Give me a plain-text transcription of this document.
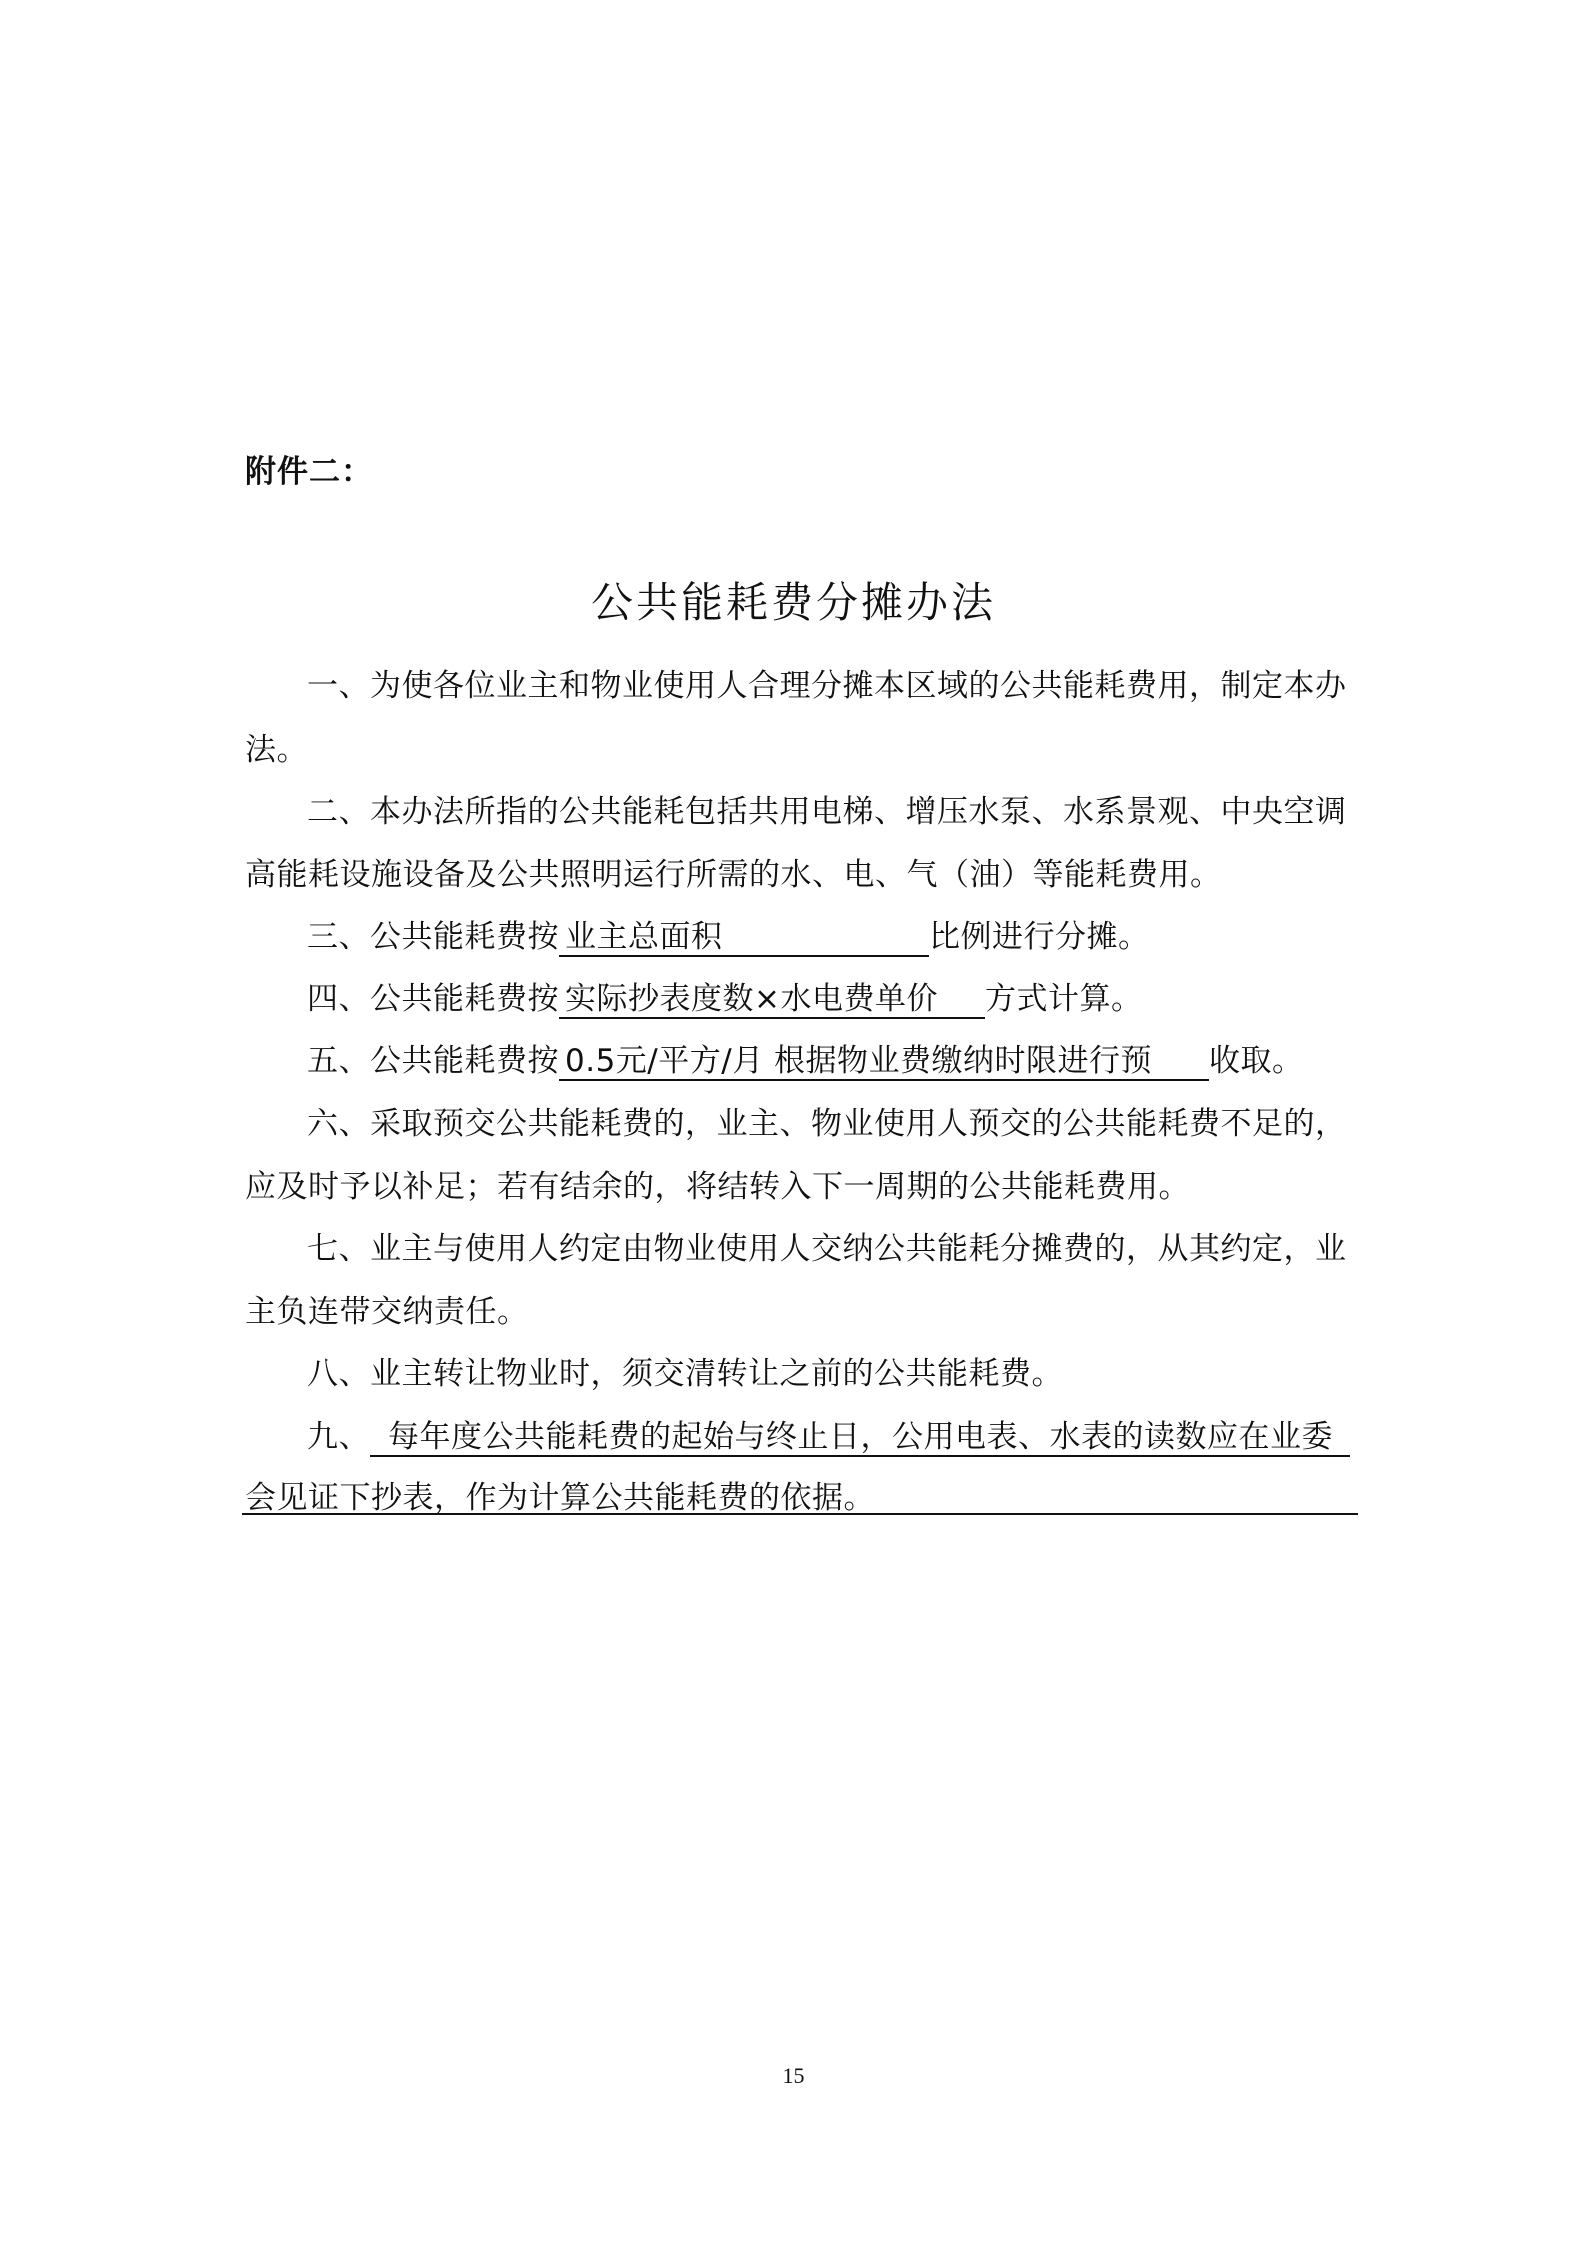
附件二：
公共能耗费分摊办法
一、为使各位业主和物业使用人合理分摊本区域的公共能耗费用，制定本办
法。
二、本办法所指的公共能耗包括共用电梯、增压水泵、水系景观、中央空调
高能耗设施设备及公共照明运行所需的水、电、气（油）等能耗费用。
三、公共能耗费按 业主总面积	比例进行分摊。
四、公共能耗费按 实际抄表度数×水电费单价 方式计算。
五、公共能耗费按 0.5元/平方/月 根据物业费缴纳时限进行预 收取。
六、采取预交公共能耗费的，业主、物业使用人预交的公共能耗费不足的，
应及时予以补足；若有结余的，将结转入下一周期的公共能耗费用。
七、业主与使用人约定由物业使用人交纳公共能耗分摊费的，从其约定，业
主负连带交纳责任。
八、业主转让物业时，须交清转让之前的公共能耗费。
九、 每年度公共能耗费的起始与终止日，公用电表、水表的读数应在业委
会见证下抄表，作为计算公共能耗费的依据。
15
